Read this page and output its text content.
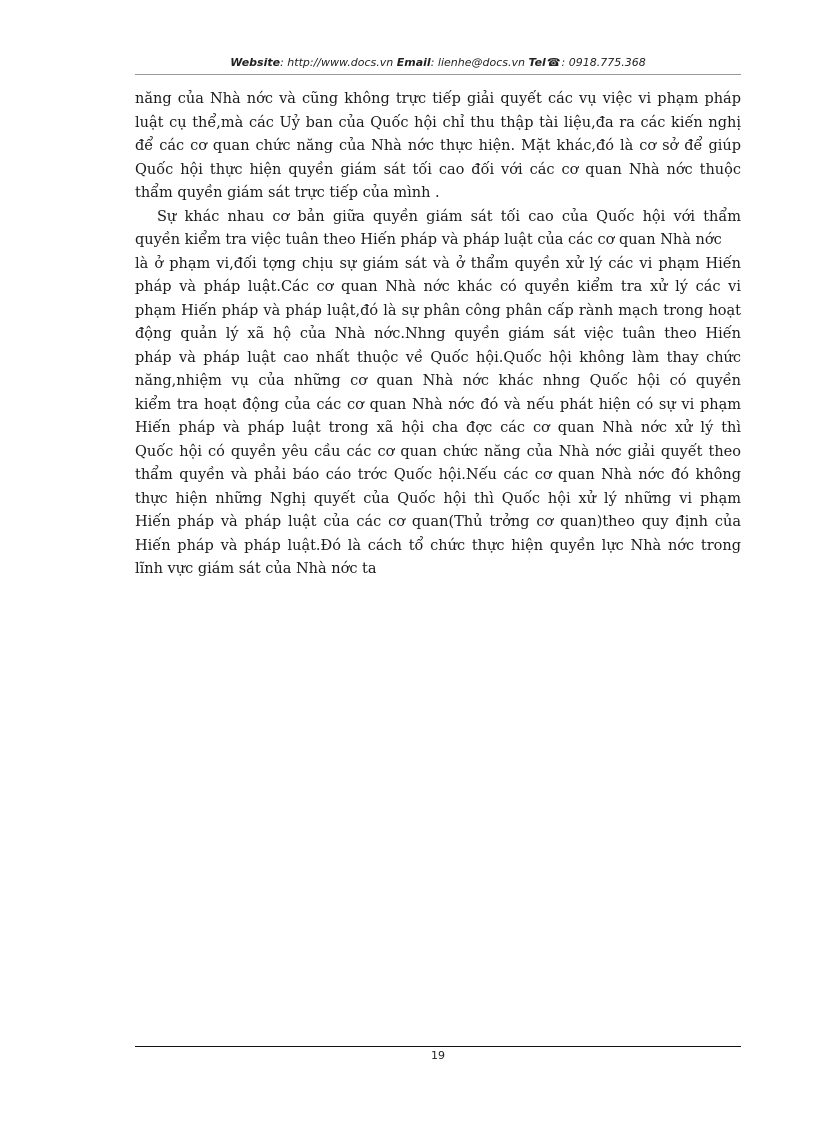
Website: http://www.docs.vn Email: lienhe@docs.vn Tel☎: 0918.775.368
năng của Nhà nớc và cũng không trực tiếp giải quyết các vụ việc vi phạm pháp
luật cụ thể,mà các Uỷ ban của Quốc hội chỉ thu thập tài liệu,đa ra các kiến nghị
để các cơ quan chức năng của Nhà nớc thực hiện. Mặt khác,đó là cơ sở để giúp
Quốc hội thực hiện quyền giám sát tối cao đối với các cơ quan Nhà nớc thuộc
thẩm quyền giám sát trực tiếp của mình .
Sự khác nhau cơ bản giữa quyền giám sát tối cao của Quốc hội với thẩm
quyền kiểm tra việc tuân theo Hiến pháp và pháp luật của các cơ quan Nhà nớc
là ở phạm vi,đối tợng chịu sự giám sát và ở thẩm quyền xử lý các vi phạm Hiến
pháp và pháp luật.Các cơ quan Nhà nớc khác có quyền kiểm tra xử lý các vi
phạm Hiến pháp và pháp luật,đó là sự phân công phân cấp rành mạch trong hoạt
động quản lý xã hộ của Nhà nớc.Nhng quyền giám sát việc tuân theo Hiến
pháp và pháp luật cao nhất thuộc về Quốc hội.Quốc hội không làm thay chức
năng,nhiệm vụ của những cơ quan Nhà nớc khác nhng Quốc hội có quyền
kiểm tra hoạt động của các cơ quan Nhà nớc đó và nếu phát hiện có sự vi phạm
Hiến pháp và pháp luật trong xã hội cha đợc các cơ quan Nhà nớc xử lý thì
Quốc hội có quyền yêu cầu các cơ quan chức năng của Nhà nớc giải quyết theo
thẩm quyền và phải báo cáo trớc Quốc hội.Nếu các cơ quan Nhà nớc đó không
thực hiện những Nghị quyết của Quốc hội thì Quốc hội xử lý những vi phạm
Hiến pháp và pháp luật của các cơ quan(Thủ trởng cơ quan)theo quy định của
Hiến pháp và pháp luật.Đó là cách tổ chức thực hiện quyền lực Nhà nớc trong
lĩnh vực giám sát của Nhà nớc ta
19
